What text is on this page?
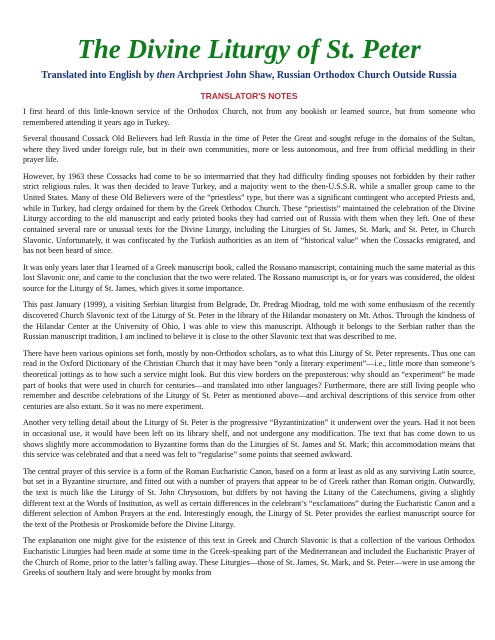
The Divine Liturgy of St. Peter
Translated into English by then Archpriest John Shaw, Russian Orthodox Church Outside Russia
TRANSLATOR'S NOTES

I first heard of this little-known service of the Orthodox Church, not from any bookish or learned source, but from someone who remembered attending it years ago in Turkey.

Several thousand Cossack Old Believers had left Russia in the time of Peter the Great and sought refuge in the domains of the Sultan, where they lived under foreign rule, but in their own communities, more or less autonomous, and free from official meddling in their prayer life.

However, by 1963 these Cossacks had come to be so intermarried that they had difficulty finding spouses not forbidden by their rather strict religious rules. It was then decided to leave Turkey, and a majority went to the then-U.S.S.R. while a smaller group came to the United States. Many of these Old Believers were of the “priestless” type, but there was a significant contingent who accepted Priests and, while in Turkey, had clergy ordained for them by the Greek Orthodox Church. These “priestists” maintained the celebration of the Divine Liturgy according to the old manuscript and early printed books they had carried out of Russia with them when they left. One of these contained several rare or unusual texts for the Divine Liturgy, including the Liturgies of St. James, St. Mark, and St. Peter, in Church Slavonic. Unfortunately, it was confiscated by the Turkish authorities as an item of “historical value” when the Cossacks emigrated, and has not been heard of since.

It was only years later that I learned of a Greek manuscript book, called the Rossano manuscript, containing much the same material as this lost Slavonic one, and came to the conclusion that the two were related. The Rossano manuscript is, or for years was considered, the oldest source for the Liturgy of St. James, which gives it some importance.

This past January (1999), a visiting Serbian liturgist from Belgrade, Dr. Predrag Miodrag, told me with some enthusiasm of the recently discovered Church Slavonic text of the Liturgy of St. Peter in the library of the Hilandar monastery on Mt. Athos. Through the kindness of the Hilandar Center at the University of Ohio, I was able to view this manuscript. Although it belongs to the Serbian rather than the Russian manuscript tradition, I am inclined to believe it is close to the other Slavonic text that was described to me.

There have been various opinions set forth, mostly by non-Orthodox scholars, as to what this Liturgy of St. Peter represents. Thus one can read in the Oxford Dictionary of the Christian Church that it may have been “only a literary experiment”—i.e., little more than someone’s theoretical jottings as to how such a service might look. But this view borders on the preposterous: why should an “experiment” be made part of books that were used in church for centuries—and translated into other languages? Furthermore, there are still living people who remember and describe celebrations of the Liturgy of St. Peter as mentioned above—and archival descriptions of this service from other centuries are also extant. So it was no mere experiment.

Another very telling detail about the Liturgy of St. Peter is the progressive “Byzantinization” it underwent over the years. Had it not been in occasional use, it would have been left on its library shelf, and not undergone any modification. The text that has come down to us shows slightly more accommodation to Byzantine forms than do the Liturgies of St. James and St. Mark; this accommodation means that this service was celebrated and that a need was felt to “regularise” some points that seemed awkward.

The central prayer of this service is a form of the Roman Eucharistic Canon, based on a form at least as old as any surviving Latin source, but set in a Byzantine structure, and fitted out with a number of prayers that appear to be of Greek rather than Roman origin. Outwardly, the text is much like the Liturgy of St. John Chrysostom, but differs by not having the Litany of the Catechumens, giving a slightly different text at the Words of Institution, as well as certain differences in the celebrant’s “exclamations” during the Eucharistic Canon and a different selection of Ambon Prayers at the end. Interestingly enough, the Liturgy of St. Peter provides the earliest manuscript source for the text of the Prothesis or Proskomide before the Divine Liturgy.

The explanation one might give for the existence of this text in Greek and Church Slavonic is that a collection of the various Orthodox Eucharistic Liturgies had been made at some time in the Greek-speaking part of the Mediterranean and included the Eucharistic Prayer of the Church of Rome, prior to the latter’s falling away. These Liturgies—those of St. James, St. Mark, and St. Peter—were in use among the Greeks of southern Italy and were brought by monks from
